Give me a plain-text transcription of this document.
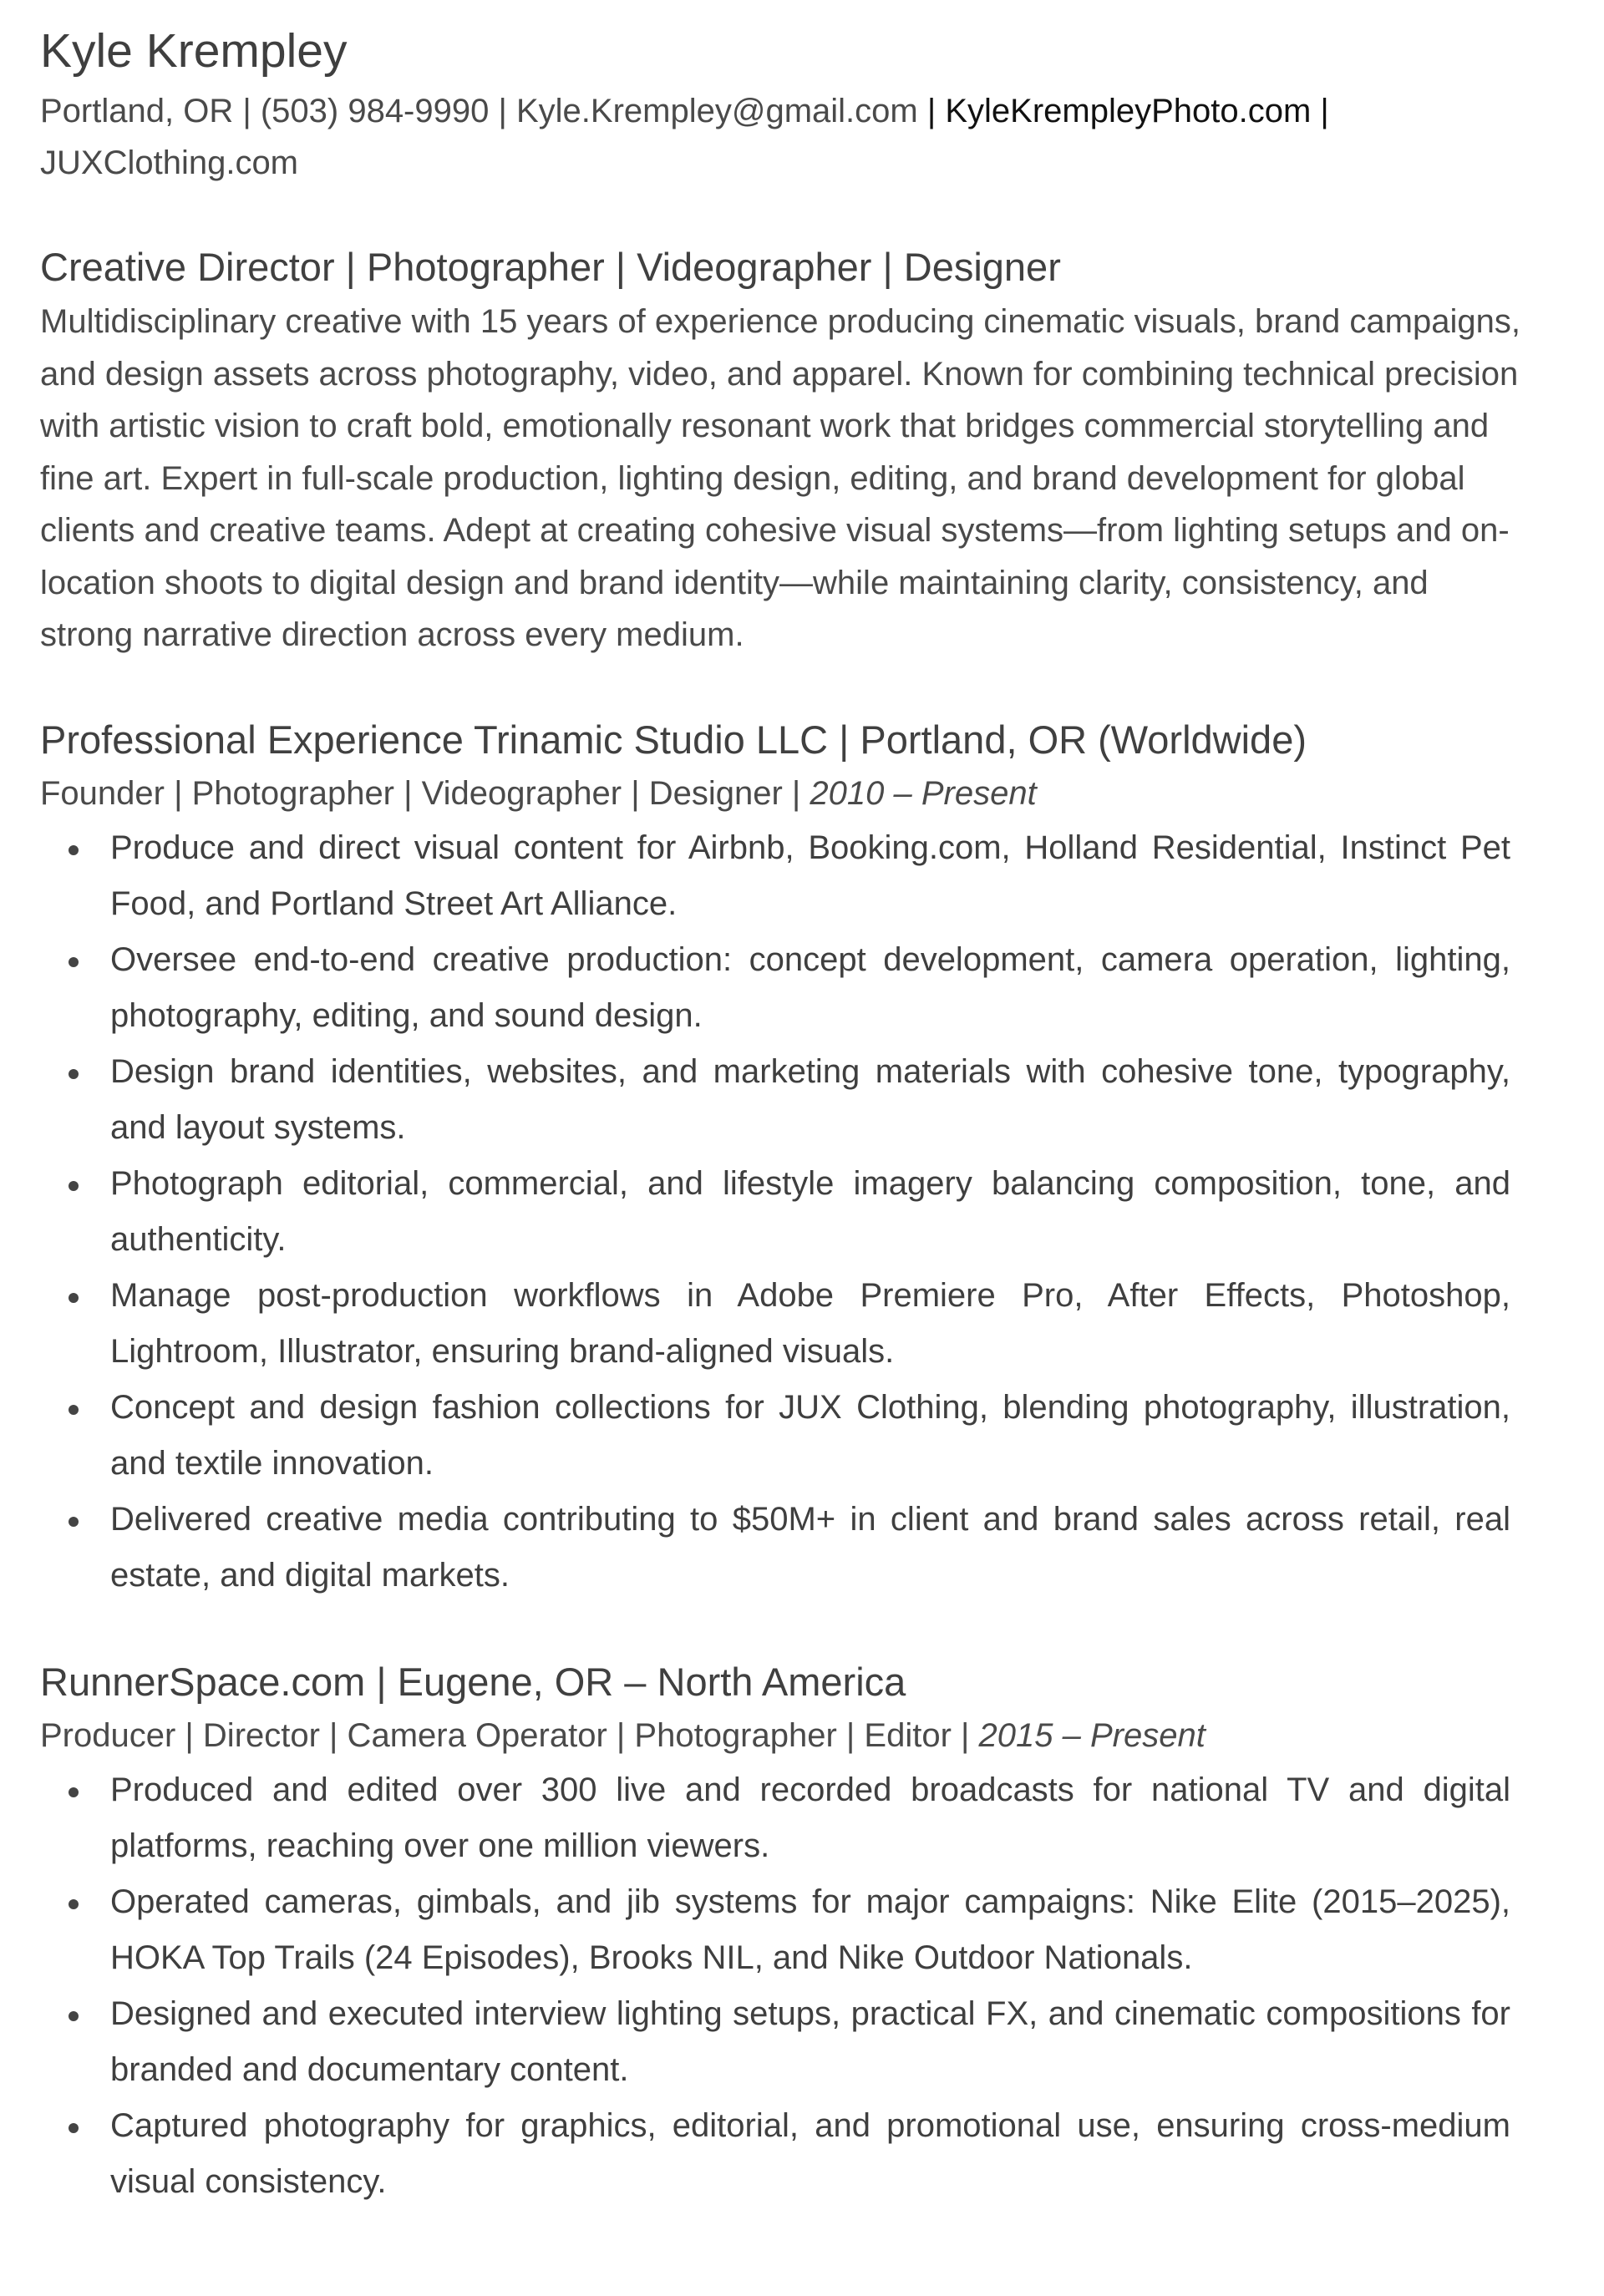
Kyle Krempley

Portland, OR | (503) 984-9990 | Kyle.Krempley@gmail.com | KyleKrempleyPhoto.com |
JUXClothing.com

Creative Director | Photographer | Videographer | Designer

Multidisciplinary creative with 15 years of experience producing cinematic visuals, brand campaigns, and design assets across photography, video, and apparel. Known for combining technical precision with artistic vision to craft bold, emotionally resonant work that bridges commercial storytelling and fine art. Expert in full-scale production, lighting design, editing, and brand development for global clients and creative teams. Adept at creating cohesive visual systems—from lighting setups and on-location shoots to digital design and brand identity—while maintaining clarity, consistency, and strong narrative direction across every medium.

Professional Experience Trinamic Studio LLC | Portland, OR (Worldwide)

Founder | Photographer | Videographer | Designer | 2010 – Present

Produce and direct visual content for Airbnb, Booking.com, Holland Residential, Instinct Pet Food, and Portland Street Art Alliance.
Oversee end-to-end creative production: concept development, camera operation, lighting, photography, editing, and sound design.
Design brand identities, websites, and marketing materials with cohesive tone, typography, and layout systems.
Photograph editorial, commercial, and lifestyle imagery balancing composition, tone, and authenticity.
Manage post-production workflows in Adobe Premiere Pro, After Effects, Photoshop, Lightroom, Illustrator, ensuring brand-aligned visuals.
Concept and design fashion collections for JUX Clothing, blending photography, illustration, and textile innovation.
Delivered creative media contributing to $50M+ in client and brand sales across retail, real estate, and digital markets.
RunnerSpace.com | Eugene, OR – North America

Producer | Director | Camera Operator | Photographer | Editor | 2015 – Present

Produced and edited over 300 live and recorded broadcasts for national TV and digital platforms, reaching over one million viewers.
Operated cameras, gimbals, and jib systems for major campaigns: Nike Elite (2015–2025), HOKA Top Trails (24 Episodes), Brooks NIL, and Nike Outdoor Nationals.
Designed and executed interview lighting setups, practical FX, and cinematic compositions for branded and documentary content.
Captured photography for graphics, editorial, and promotional use, ensuring cross-medium visual consistency.
